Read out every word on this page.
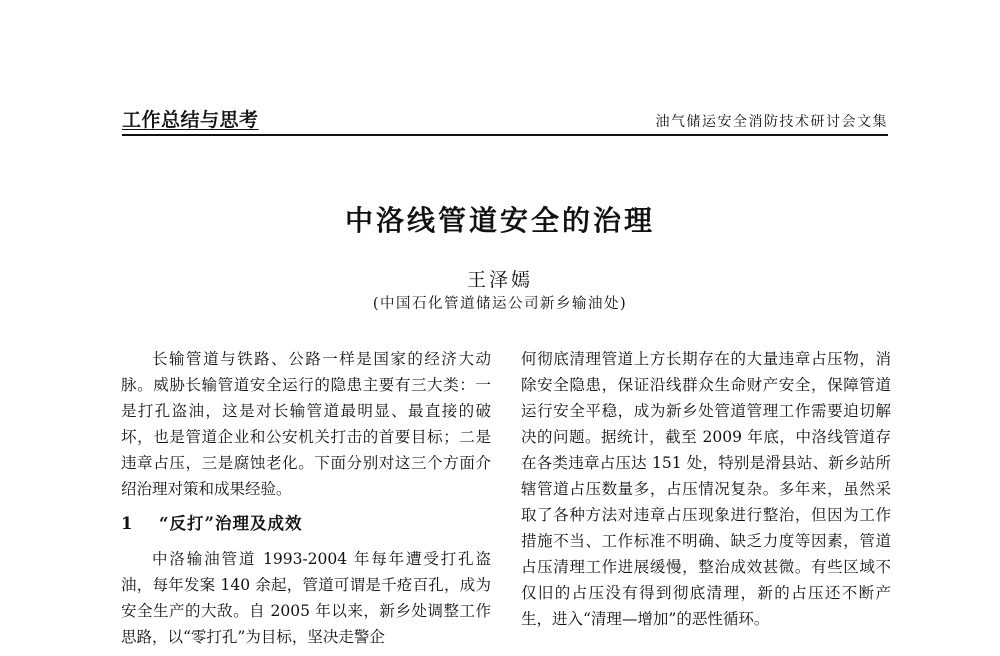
工作总结与思考	油气储运安全消防技术研讨会文集
中洛线管道安全的治理
王泽嫣
(中国石化管道储运公司新乡输油处)

长输管道与铁路、公路一样是国家的经济大动脉。威胁长输管道安全运行的隐患主要有三大类：一是打孔盗油，这是对长输管道最明显、最直接的破坏，也是管道企业和公安机关打击的首要目标；二是违章占压，三是腐蚀老化。下面分别对这三个方面介绍治理对策和成果经验。

1 “反打”治理及成效

中洛输油管道 1993-2004 年每年遭受打孔盗油，每年发案 140 余起，管道可谓是千疮百孔，成为安全生产的大敌。自 2005 年以来，新乡处调整工作思路，以“零打孔”为目标，坚决走警企

何彻底清理管道上方长期存在的大量违章占压物，消除安全隐患，保证沿线群众生命财产安全，保障管道运行安全平稳，成为新乡处管道管理工作需要迫切解决的问题。据统计，截至 2009 年底，中洛线管道存在各类违章占压达 151 处，特别是滑县站、新乡站所辖管道占压数量多，占压情况复杂。多年来，虽然采取了各种方法对违章占压现象进行整治，但因为工作措施不当、工作标准不明确、缺乏力度等因素，管道占压清理工作进展缓慢，整治成效甚微。有些区域不仅旧的占压没有得到彻底清理，新的占压还不断产生，进入“清理—增加”的恶性循环。
